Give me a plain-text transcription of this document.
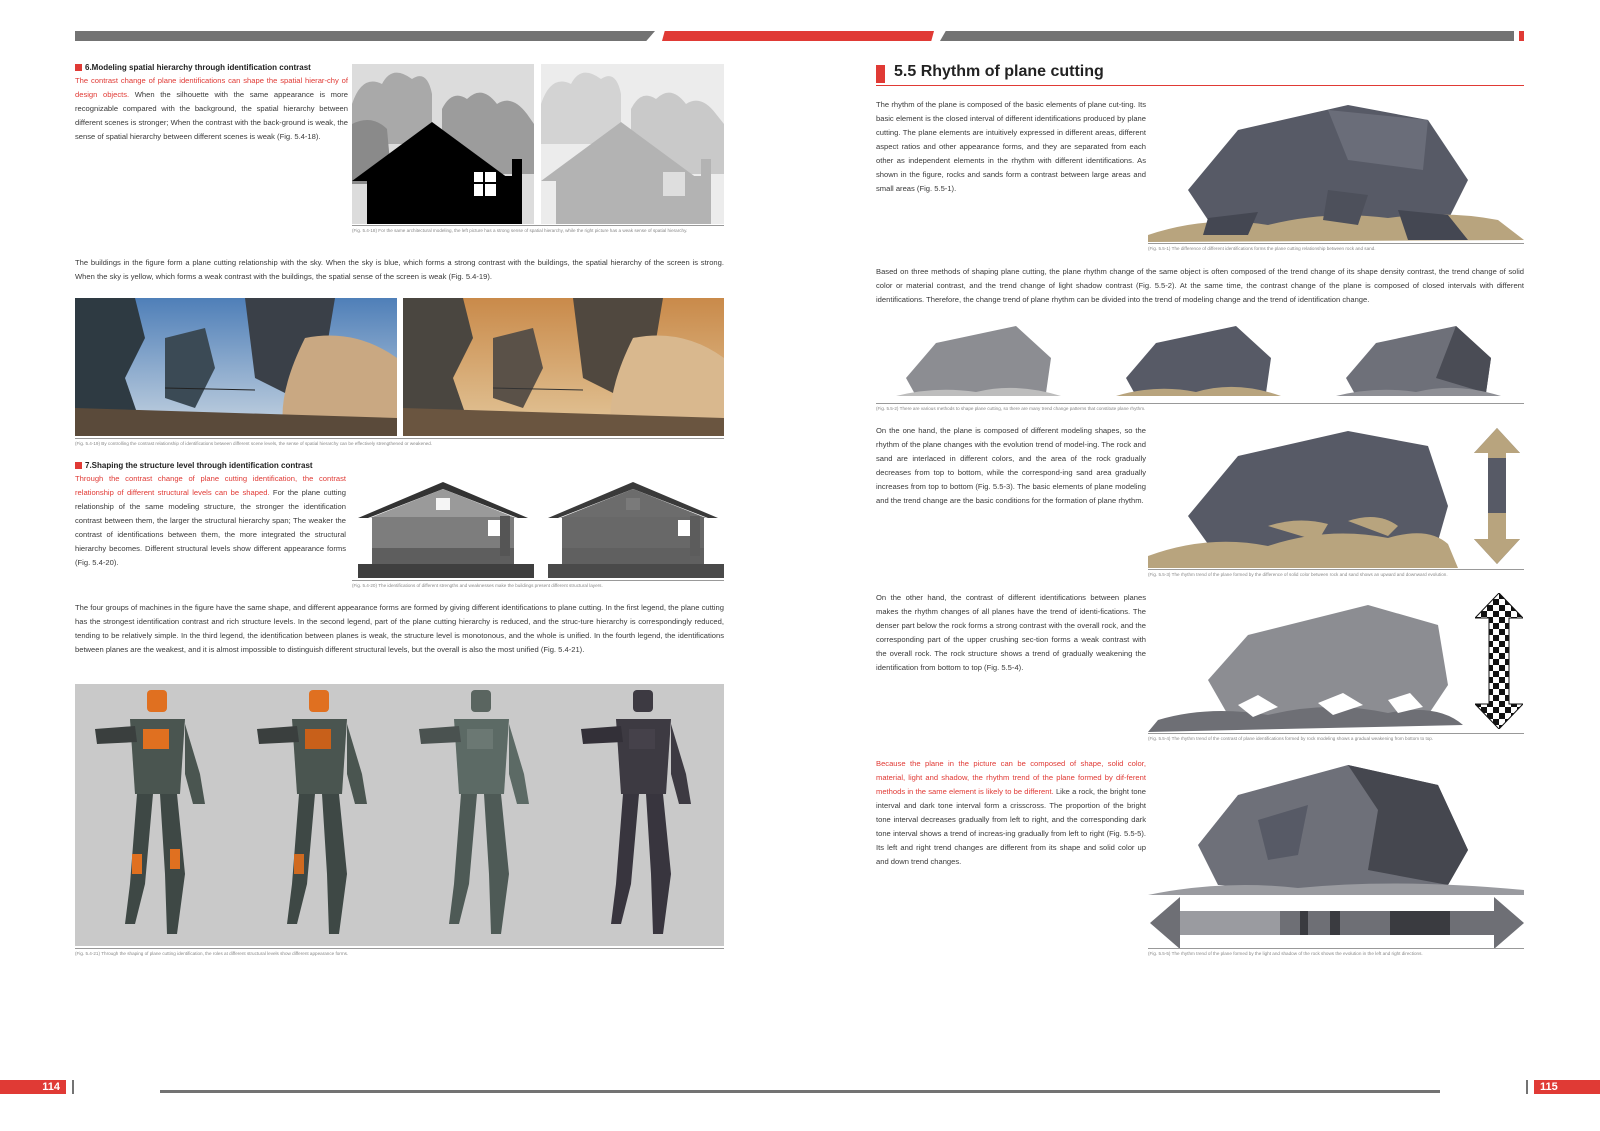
6.Modeling spatial hierarchy through identification contrast

The contrast change of plane identifications can shape the spatial hierar-chy of design objects. When the silhouette with the same appearance is more recognizable compared with the background, the spatial hierarchy between different scenes is stronger; When the contrast with the back-ground is weak, the sense of spatial hierarchy between different scenes is weak (Fig. 5.4-18).

(Fig. 5.4-18) For the same architectural modeling, the left picture has a strong sense of spatial hierarchy, while the right picture has a weak sense of spatial hierarchy.

The buildings in the figure form a plane cutting relationship with the sky. When the sky is blue, which forms a strong contrast with the buildings, the spatial hierarchy of the screen is strong. When the sky is yellow, which forms a weak contrast with the buildings, the spatial sense of the screen is weak (Fig. 5.4-19).

(Fig. 5.4-19) By controlling the contrast relationship of identifications between different scene levels, the sense of spatial hierarchy can be effectively strengthened or weakened.
7.Shaping the structure level through identification contrast

Through the contrast change of plane cutting identification, the contrast relationship of different structural levels can be shaped. For the plane cutting relationship of the same modeling structure, the stronger the identification contrast between them, the larger the structural hierarchy span; The weaker the contrast of identifications between them, the more integrated the structural hierarchy becomes. Different structural levels show different appearance forms (Fig. 5.4-20).

(Fig. 5.4-20) The identifications of different strengths and weaknesses make the buildings present different structural layers.

The four groups of machines in the figure have the same shape, and different appearance forms are formed by giving different identifications to plane cutting. In the first legend, the plane cutting has the strongest identification contrast and rich structure levels. In the second legend, part of the plane cutting hierarchy is reduced, and the struc-ture hierarchy is correspondingly reduced, tending to be relatively simple. In the third legend, the identification between planes is weak, the structure level is monotonous, and the whole is unified. In the fourth legend, the identifications between planes are the weakest, and it is almost impossible to distinguish different structural levels, but the overall is also the most unified (Fig. 5.4-21).

(Fig. 5.4-21) Through the shaping of plane cutting identification, the roles at different structural levels show different appearance forms.
5.5 Rhythm of plane cutting

The rhythm of the plane is composed of the basic elements of plane cut-ting. Its basic element is the closed interval of different identifications produced by plane cutting. The plane elements are intuitively expressed in different areas, different aspect ratios and other appearance forms, and they are separated from each other as independent elements in the rhythm with different identifications. As shown in the figure, rocks and sands form a contrast between large areas and small areas (Fig. 5.5-1).

(Fig. 5.5-1) The difference of different identifications forms the plane cutting relationship between rock and sand.

Based on three methods of shaping plane cutting, the plane rhythm change of the same object is often composed of the trend change of its shape density contrast, the trend change of solid color or material contrast, and the trend change of light shadow contrast (Fig. 5.5-2). At the same time, the contrast change of the plane is composed of closed intervals with different identifications. Therefore, the change trend of plane rhythm can be divided into the trend of modeling change and the trend of identification change.

(Fig. 5.5-2) There are various methods to shape plane cutting, so there are many trend change patterns that constitute plane rhythm.

On the one hand, the plane is composed of different modeling shapes, so the rhythm of the plane changes with the evolution trend of model-ing. The rock and sand are interlaced in different colors, and the area of the rock gradually decreases from top to bottom, while the correspond-ing sand area gradually increases from top to bottom (Fig. 5.5-3). The basic elements of plane modeling and the trend change are the basic conditions for the formation of plane rhythm.

(Fig. 5.5-3) The rhythm trend of the plane formed by the difference of solid color between rock and sand shows an upward and downward evolution.

On the other hand, the contrast of different identifications between planes makes the rhythm changes of all planes have the trend of identi-fications. The denser part below the rock forms a strong contrast with the overall rock, and the corresponding part of the upper crushing sec-tion forms a weak contrast with the overall rock. The rock structure shows a trend of gradually weakening the identification from bottom to top (Fig. 5.5-4).

(Fig. 5.5-4) The rhythm trend of the contrast of plane identifications formed by rock modeling shows a gradual weakening from bottom to top.

Because the plane in the picture can be composed of shape, solid color, material, light and shadow, the rhythm trend of the plane formed by dif-ferent methods in the same element is likely to be different. Like a rock, the bright tone interval and dark tone interval form a crisscross. The proportion of the bright tone interval decreases gradually from left to right, and the corresponding dark tone interval shows a trend of increas-ing gradually from left to right (Fig. 5.5-5). Its left and right trend changes are different from its shape and solid color up and down trend changes.

(Fig. 5.5-5) The rhythm trend of the plane formed by the light and shadow of the rock shows the evolution in the left and right directions.
114	115
